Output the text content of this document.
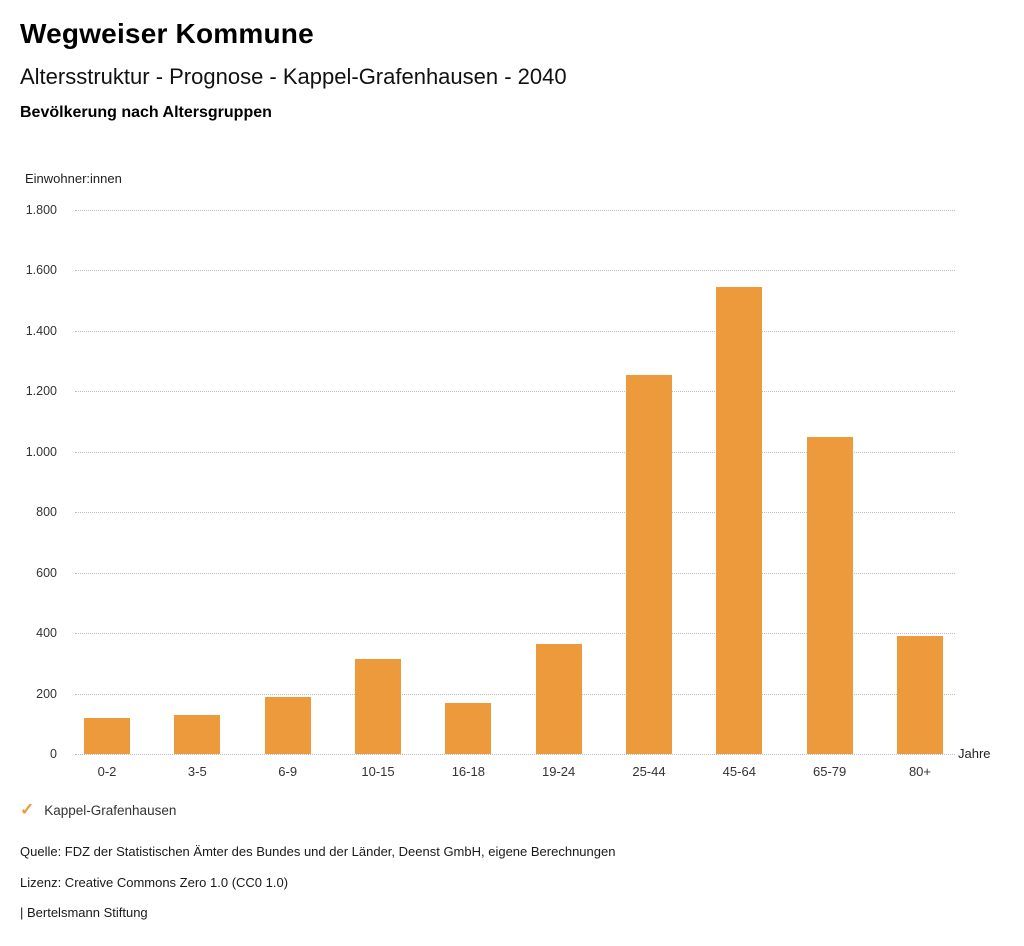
Wegweiser Kommune
Altersstruktur - Prognose - Kappel-Grafenhausen - 2040
Bevölkerung nach Altersgruppen
Einwohner:innen
Jahre
0
200
400
600
800
1.000
1.200
1.400
1.600
1.800
0-2	3-5	6-9	10-15	16-18	19-24	25-44	45-64	65-79	80+
✓ Kappel-Grafenhausen
Quelle: FDZ der Statistischen Ämter des Bundes und der Länder, Deenst GmbH, eigene Berechnungen
Lizenz: Creative Commons Zero 1.0 (CC0 1.0)
| Bertelsmann Stiftung
